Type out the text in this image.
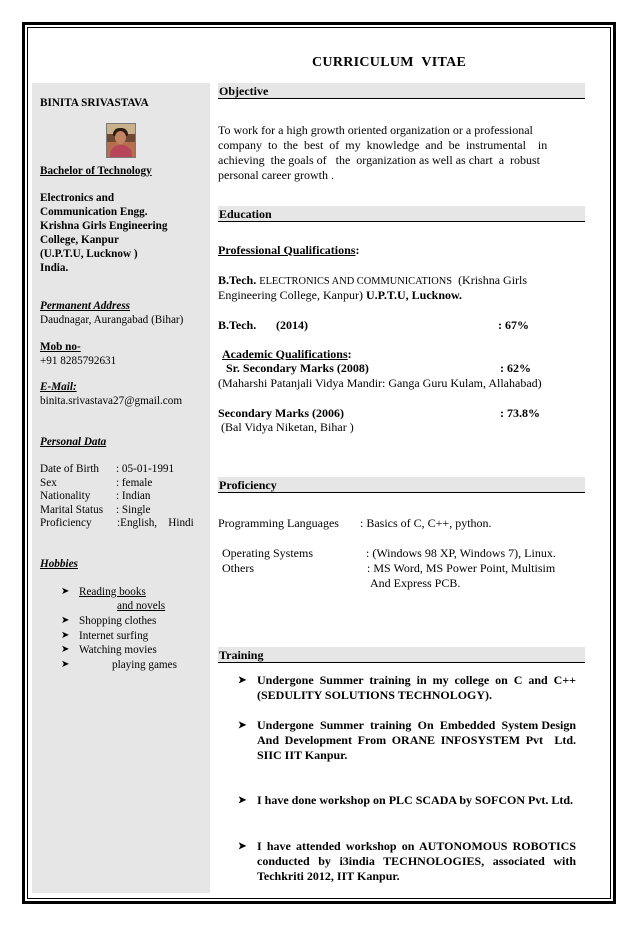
CURRICULUM VITAE
BINITA SRIVASTAVA
Bachelor of Technology
Electronics and
Communication Engg.
Krishna Girls Engineering
College, Kanpur
(U.P.T.U, Lucknow )
India.
Permanent Address
Daudnagar, Aurangabad (Bihar)
Mob no-
+91 8285792631
E-Mail:
binita.srivastava27@gmail.com
Personal Data
Date of Birth : 05-01-1991
Sex	: female
Nationality : Indian
Marital Status : Single
Proficiency :English,    Hindi
Hobbies
➤ Reading books
and novels
➤ Shopping clothes
➤ Internet surfing
➤ Watching movies
➤	playing games
Objective
To work for a high growth oriented organization or a professional
company  to  the  best  of  my  knowledge  and  be  instrumental    in
achieving  the goals of   the  organization as well as chart  a  robust
personal career growth .
Education
Professional Qualifications:
B.Tech. ELECTRONICS AND COMMUNICATIONS (Krishna Girls
Engineering College, Kanpur) U.P.T.U, Lucknow.
B.Tech. (2014)	: 67%
Academic Qualifications:
Sr. Secondary Marks (2008)	: 62%
(Maharshi Patanjali Vidya Mandir: Ganga Guru Kulam, Allahabad)
Secondary Marks (2006)	: 73.8%
(Bal Vidya Niketan, Bihar )
Proficiency
Programming Languages : Basics of C, C++, python.
Operating Systems	: (Windows 98 XP, Windows 7), Linux.
Others	: MS Word, MS Power Point, Multisim
And Express PCB.
Training
➤ Undergone Summer training in my college on C and C++ (SEDULITY SOLUTIONS TECHNOLOGY).
➤ Undergone  Summer  training  On  Embedded  System Design And Development From ORANE INFOSYSTEM Pvt  Ltd. SIIC IIT Kanpur.
➤ I have done workshop on PLC SCADA by SOFCON Pvt. Ltd.
➤ I have attended workshop on AUTONOMOUS ROBOTICS conducted by i3india TECHNOLOGIES, associated with Techkriti 2012, IIT Kanpur.
